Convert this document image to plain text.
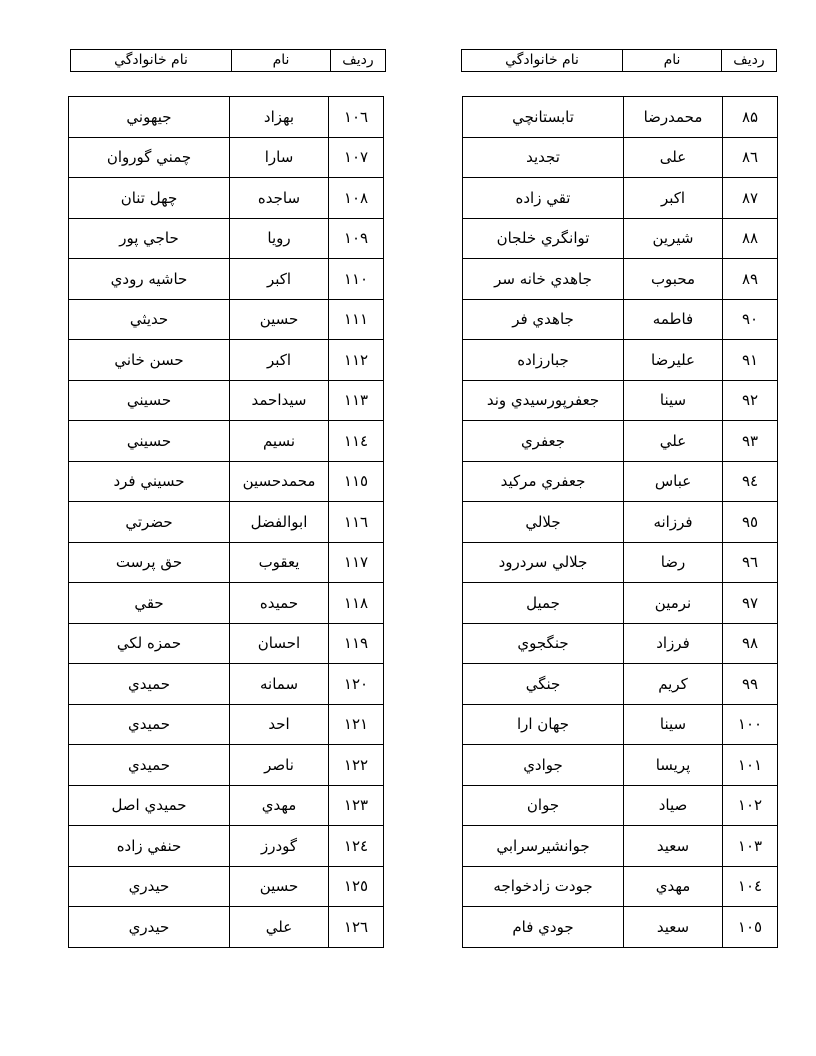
رديف	نام	نام خانوادگي
رديف	نام	نام خانوادگي
۸۵	محمدرضا	تابستانچي
۸٦	علی	تجديد
۸۷	اکبر	تقي زاده
۸۸	شيرين	توانگري خلجان
۸۹	محبوب	جاهدي خانه سر
۹۰	فاطمه	جاهدي فر
۹۱	عليرضا	جبارزاده
۹۲	سينا	جعفرپورسيدي وند
۹۳	علي	جعفري
۹٤	عباس	جعفري مرکيد
۹٥	فرزانه	جلالي
۹٦	رضا	جلالي سردرود
۹۷	نرمين	جميل
۹۸	فرزاد	جنگجوي
۹۹	کريم	جنگي
۱۰۰	سينا	جهان ارا
۱۰۱	پريسا	جوادي
۱۰۲	صياد	جوان
۱۰۳	سعيد	جوانشيرسرابي
۱۰٤	مهدي	جودت زادخواجه
۱۰٥	سعيد	جودي فام
۱۰٦	بهزاد	جيهوني
۱۰۷	سارا	چمني گوروان
۱۰۸	ساجده	چهل تنان
۱۰۹	رويا	حاجي پور
۱۱۰	اکبر	حاشيه رودي
۱۱۱	حسين	حديثي
۱۱۲	اکبر	حسن خاني
۱۱۳	سيداحمد	حسيني
۱۱٤	نسيم	حسيني
۱۱٥	محمدحسين	حسيني فرد
۱۱٦	ابوالفضل	حضرتي
۱۱۷	يعقوب	حق پرست
۱۱۸	حميده	حقي
۱۱۹	احسان	حمزه لکي
۱۲۰	سمانه	حميدي
۱۲۱	احد	حميدي
۱۲۲	ناصر	حميدي
۱۲۳	مهدي	حميدي اصل
۱۲٤	گودرز	حنفي زاده
۱۲٥	حسين	حيدري
۱۲٦	علي	حيدري
